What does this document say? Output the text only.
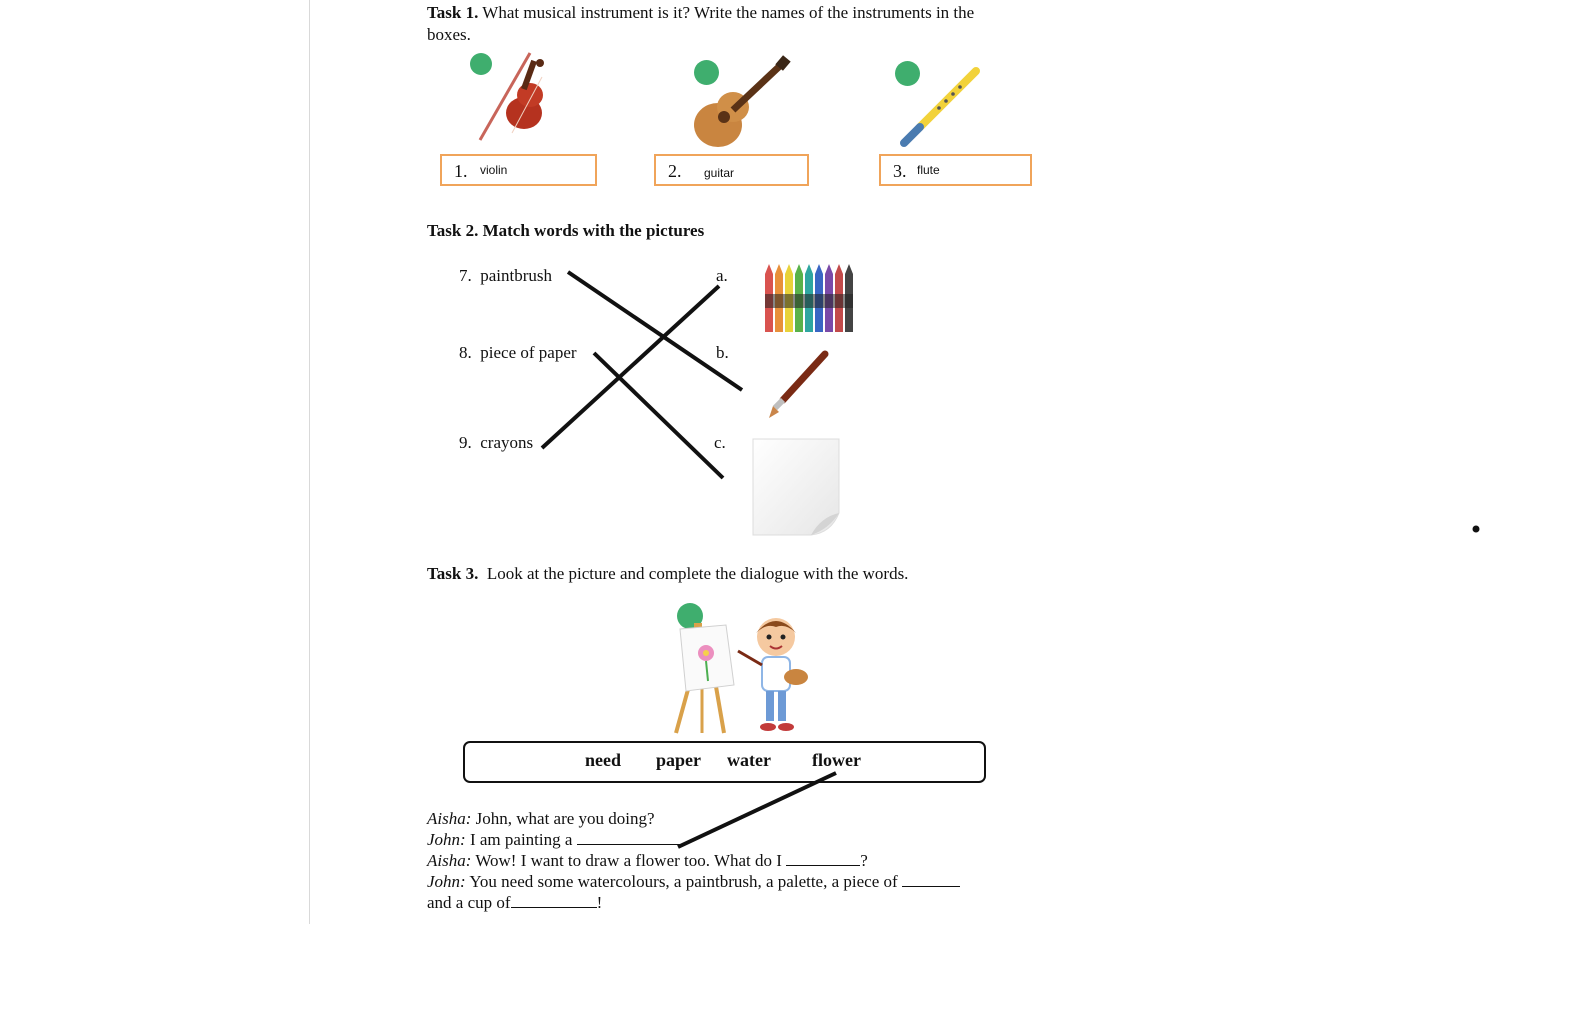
Task 1. What musical instrument is it? Write the names of the instruments in the
boxes.
1. violin	2. guitar	3. flute
Task 2. Match words with the pictures
7. paintbrush
8. piece of paper
9. crayons
a.
b.
c.
Task 3. Look at the picture and complete the dialogue with the words.
need paper water flower
Aisha: John, what are you doing?
John: I am painting a
Aisha: Wow! I want to draw a flower too. What do I	?
John: You need some watercolours, a paintbrush, a palette, a piece of
and a cup of	!
